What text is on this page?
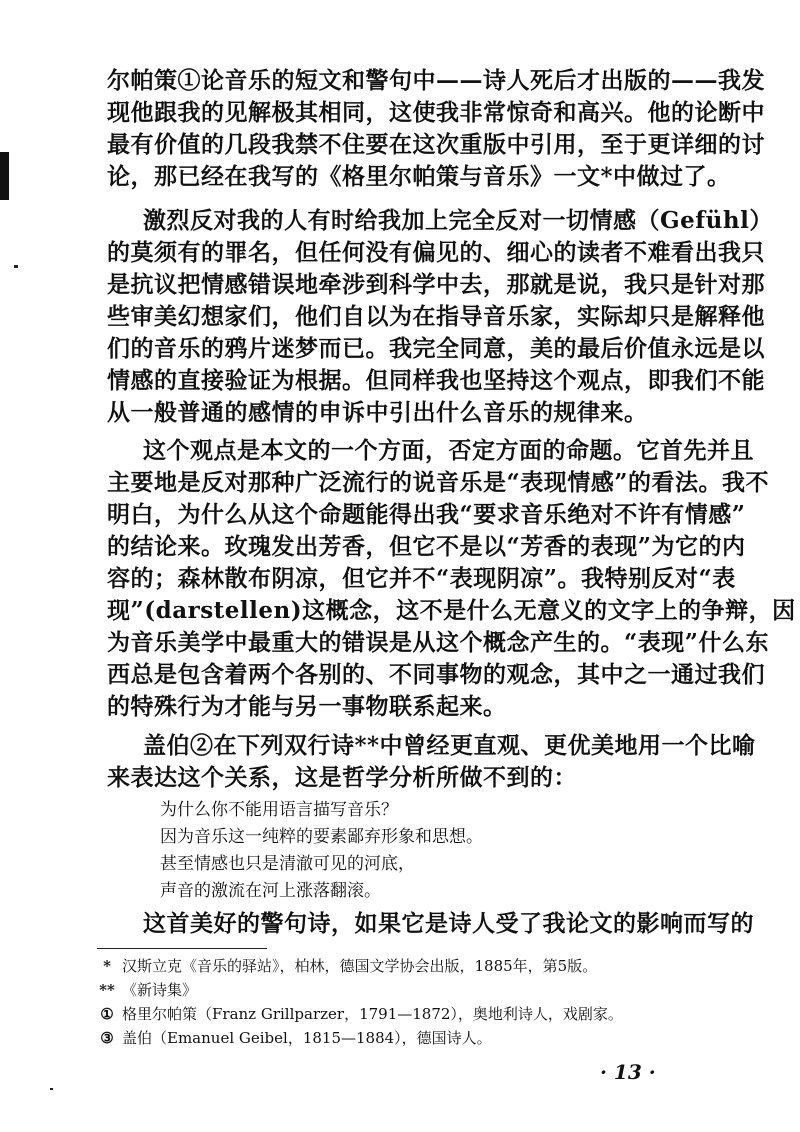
尔帕策①论音乐的短文和警句中——诗人死后才出版的——我发
现他跟我的见解极其相同，这使我非常惊奇和高兴。他的论断中
最有价值的几段我禁不住要在这次重版中引用，至于更详细的讨
论，那已经在我写的《格里尔帕策与音乐》一文*中做过了。
激烈反对我的人有时给我加上完全反对一切情感（Gefühl）
的莫须有的罪名，但任何没有偏见的、细心的读者不难看出我只
是抗议把情感错误地牵涉到科学中去，那就是说，我只是针对那
些审美幻想家们，他们自以为在指导音乐家，实际却只是解释他
们的音乐的鸦片迷梦而已。我完全同意，美的最后价值永远是以
情感的直接验证为根据。但同样我也坚持这个观点，即我们不能
从一般普通的感情的申诉中引出什么音乐的规律来。
这个观点是本文的一个方面，否定方面的命题。它首先并且
主要地是反对那种广泛流行的说音乐是“表现情感”的看法。我不
明白，为什么从这个命题能得出我“要求音乐绝对不许有情感”
的结论来。玫瑰发出芳香，但它不是以“芳香的表现”为它的内
容的；森林散布阴凉，但它并不“表现阴凉”。我特别反对“表
现”(darstellen)这概念，这不是什么无意义的文字上的争辩，因
为音乐美学中最重大的错误是从这个概念产生的。“表现”什么东
西总是包含着两个各别的、不同事物的观念，其中之一通过我们
的特殊行为才能与另一事物联系起来。
盖伯②在下列双行诗**中曾经更直观、更优美地用一个比喻
来表达这个关系，这是哲学分析所做不到的：
为什么你不能用语言描写音乐？
因为音乐这一纯粹的要素鄙弃形象和思想。
甚至情感也只是清澈可见的河底，
声音的激流在河上涨落翻滚。
这首美好的警句诗，如果它是诗人受了我论文的影响而写的
* 汉斯立克《音乐的驿站》，柏林，德国文学协会出版，1885年，第5版。
** 《新诗集》
① 格里尔帕策（Franz Grillparzer，1791—1872），奥地利诗人，戏剧家。
③ 盖伯（Emanuel Geibel，1815—1884），德国诗人。
· 13 ·
